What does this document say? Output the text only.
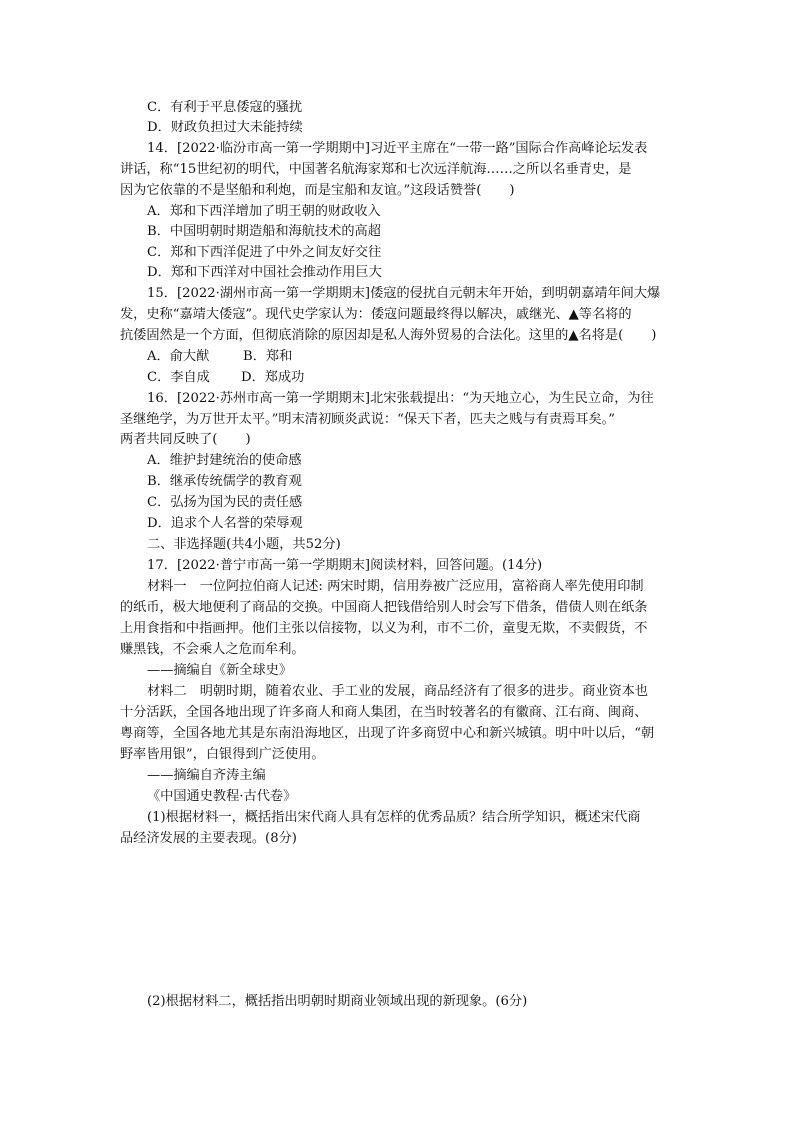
C．有利于平息倭寇的骚扰
D．财政负担过大未能持续
14．[2022·临汾市高一第一学期期中]习近平主席在“一带一路”国际合作高峰论坛发表
讲话，称“15世纪初的明代，中国著名航海家郑和七次远洋航海……之所以名垂青史，是
因为它依靠的不是坚船和利炮，而是宝船和友谊。”这段话赞誉( )
A．郑和下西洋增加了明王朝的财政收入
B．中国明朝时期造船和海航技术的高超
C．郑和下西洋促进了中外之间友好交往
D．郑和下西洋对中国社会推动作用巨大
15．[2022·湖州市高一第一学期期末]倭寇的侵扰自元朝末年开始，到明朝嘉靖年间大爆
发，史称“嘉靖大倭寇”。现代史学家认为：倭寇问题最终得以解决，戚继光、▲等名将的
抗倭固然是一个方面，但彻底消除的原因却是私人海外贸易的合法化。这里的▲名将是( )
A．俞大猷	B．郑和
C．李自成 D．郑成功
16．[2022·苏州市高一第一学期期末]北宋张载提出：“为天地立心，为生民立命，为往
圣继绝学，为万世开太平。”明末清初顾炎武说：“保天下者，匹夫之贱与有责焉耳矣。”
两者共同反映了( )
A．维护封建统治的使命感
B．继承传统儒学的教育观
C．弘扬为国为民的责任感
D．追求个人名誉的荣辱观
二、非选择题(共4小题，共52分)
17．[2022·普宁市高一第一学期期末]阅读材料，回答问题。(14分)
材料一　一位阿拉伯商人记述: 两宋时期，信用券被广泛应用，富裕商人率先使用印制
的纸币，极大地便利了商品的交换。中国商人把钱借给别人时会写下借条，借债人则在纸条
上用食指和中指画押。他们主张以信接物，以义为利，市不二价，童叟无欺，不卖假货，不
赚黑钱，不会乘人之危而牟利。
——摘编自《新全球史》
材料二　明朝时期，随着农业、手工业的发展，商品经济有了很多的进步。商业资本也
十分活跃，全国各地出现了许多商人和商人集团，在当时较著名的有徽商、江右商、闽商、
粤商等，全国各地尤其是东南沿海地区，出现了许多商贸中心和新兴城镇。明中叶以后，“朝
野率皆用银”，白银得到广泛使用。
——摘编自齐涛主编
《中国通史教程·古代卷》
(1)根据材料一，概括指出宋代商人具有怎样的优秀品质？结合所学知识，概述宋代商
品经济发展的主要表现。(8分)
(2)根据材料二，概括指出明朝时期商业领域出现的新现象。(6分)
